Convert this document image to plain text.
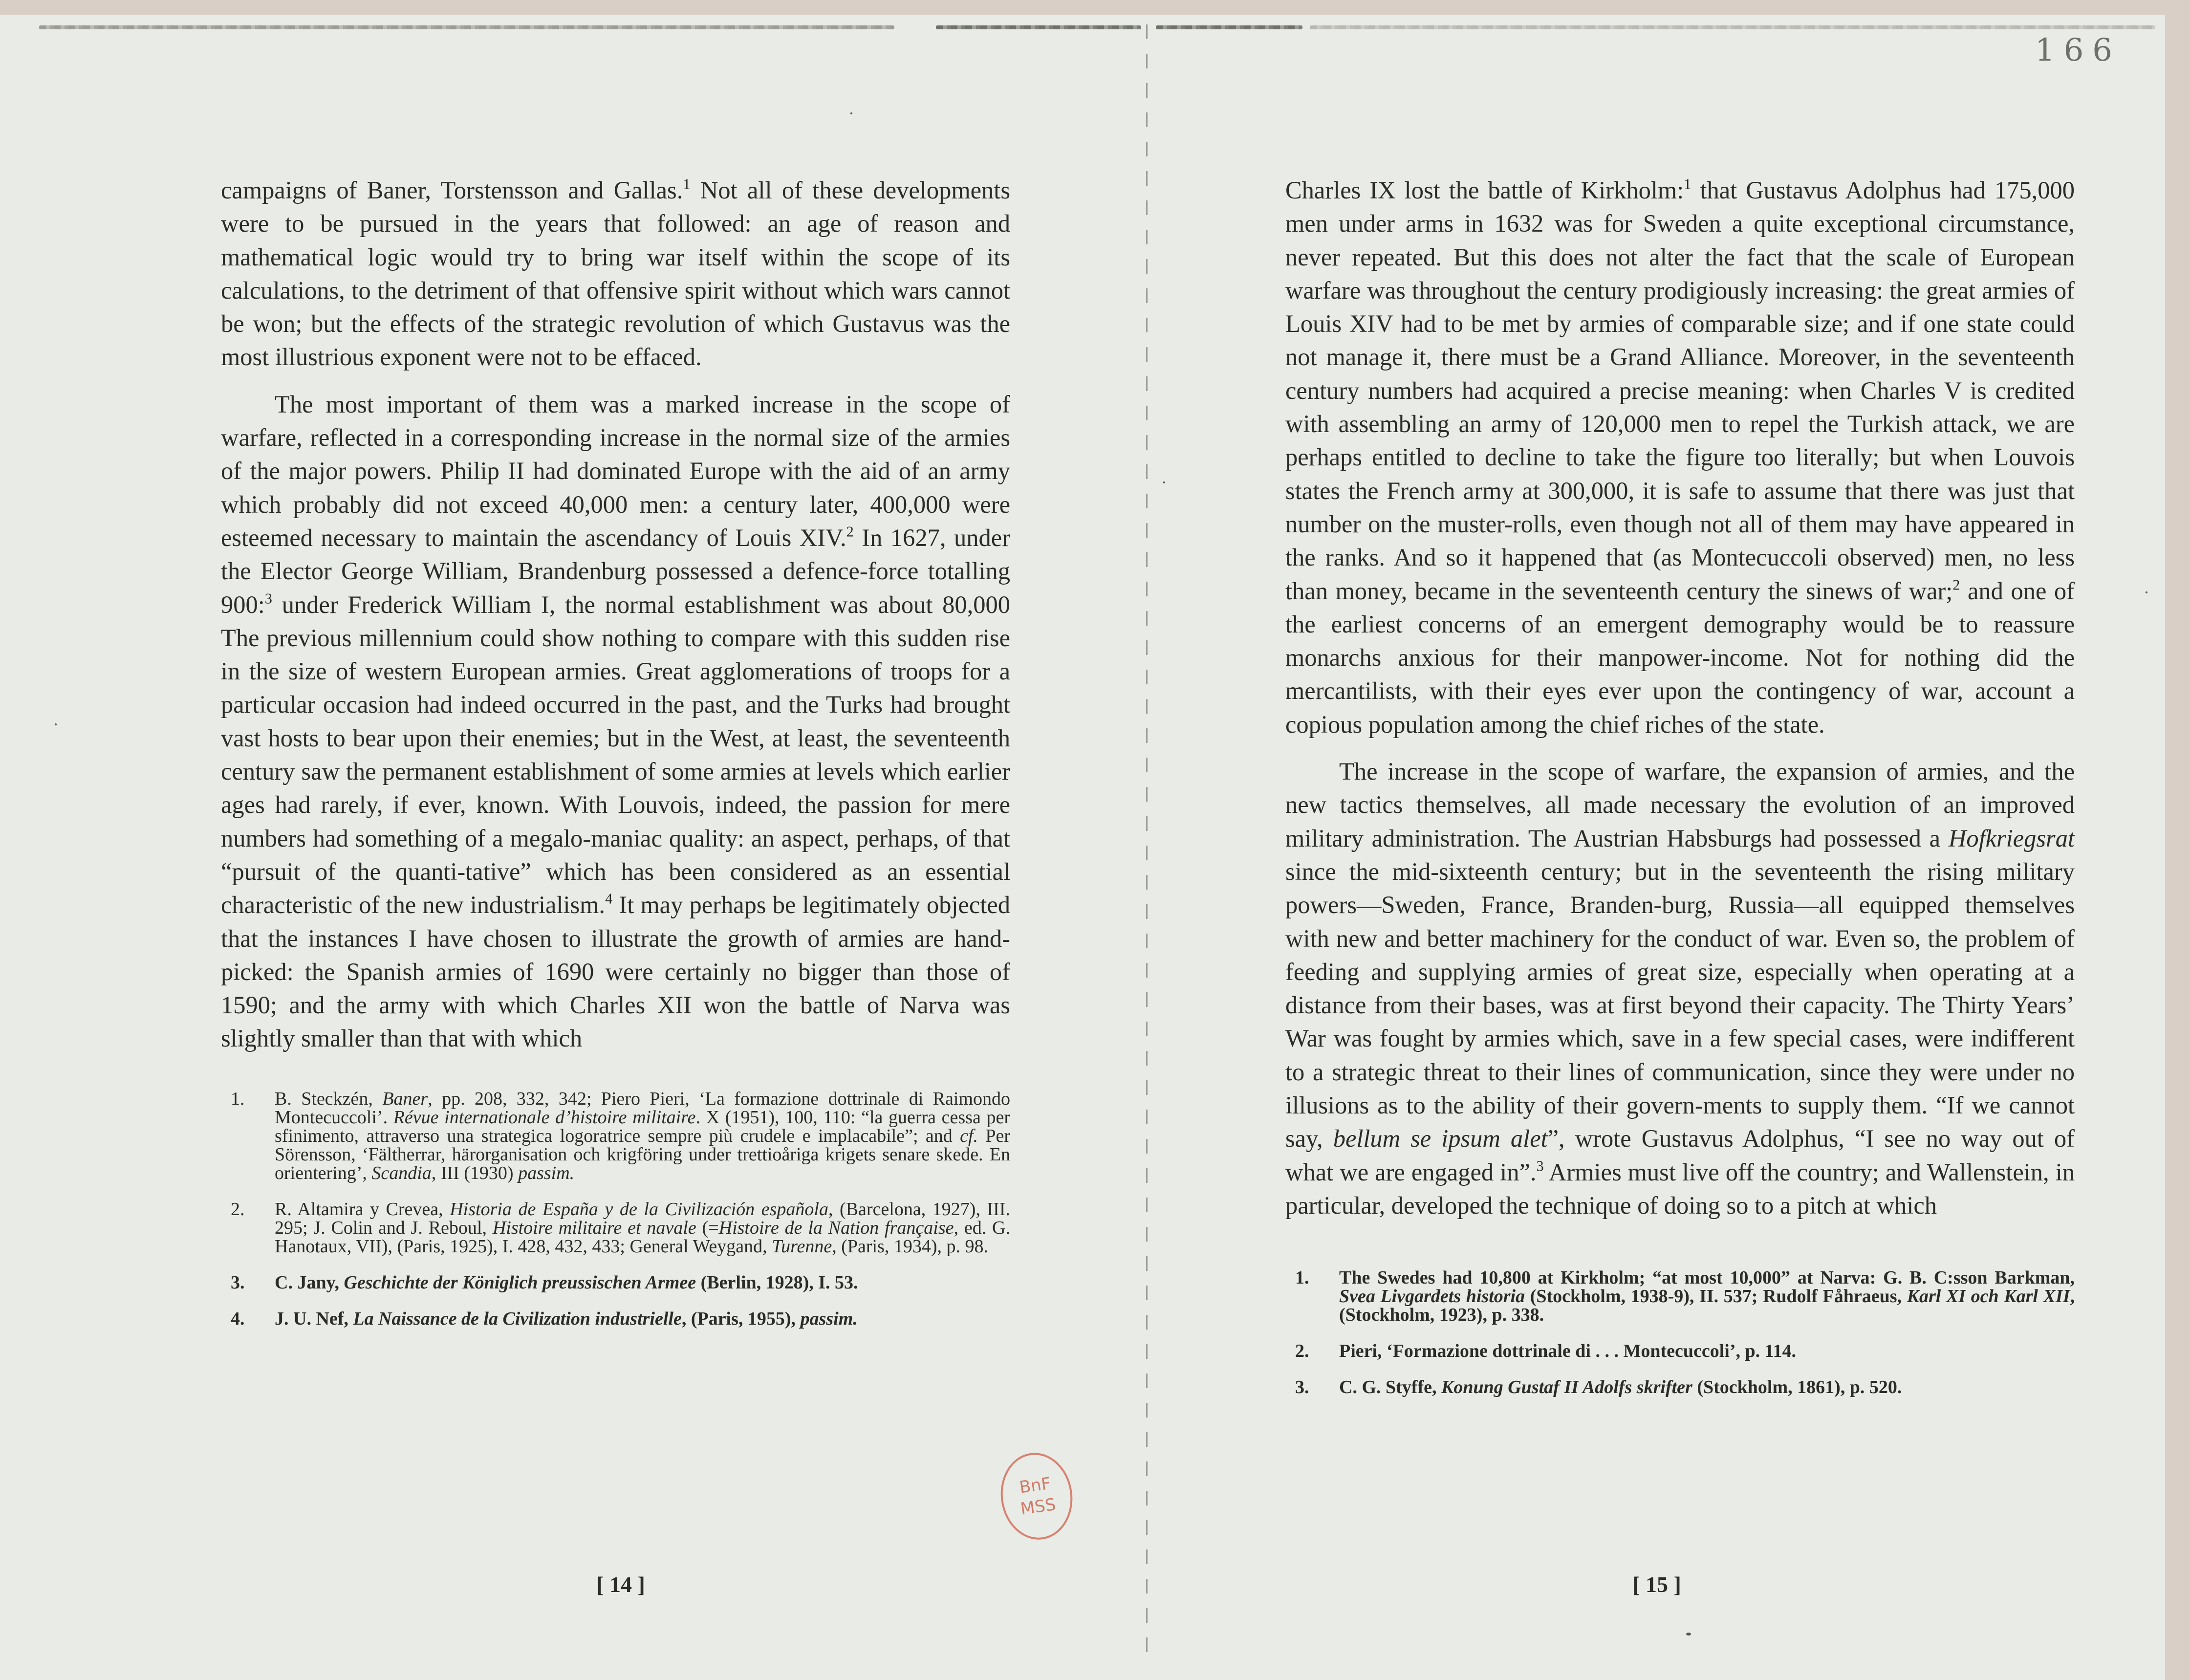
166

campaigns of Baner, Torstensson and Gallas.$^1$ Not all of these developments were to be pursued in the years that followed: an age of reason and mathematical logic would try to bring war itself within the scope of its calculations, to the detriment of that offensive spirit without which wars cannot be won; but the effects of the strategic revolution of which Gustavus was the most illustrious exponent were not to be effaced.

The most important of them was a marked increase in the scope of warfare, reflected in a corresponding increase in the normal size of the armies of the major powers. Philip II had dominated Europe with the aid of an army which probably did not exceed 40,000 men: a century later, 400,000 were esteemed necessary to maintain the ascendancy of Louis XIV.$^2$ In 1627, under the Elector George William, Brandenburg possessed a defence-force totalling 900:$^3$ under Frederick William I, the normal establishment was about 80,000 The previous millennium could show nothing to compare with this sudden rise in the size of western European armies. Great agglomerations of troops for a particular occasion had indeed occurred in the past, and the Turks had brought vast hosts to bear upon their enemies; but in the West, at least, the seventeenth century saw the permanent establishment of some armies at levels which earlier ages had rarely, if ever, known. With Louvois, indeed, the passion for mere numbers had something of a megalo-maniac quality: an aspect, perhaps, of that “pursuit of the quanti-tative” which has been considered as an essential characteristic of the new industrialism.$^4$ It may perhaps be legitimately objected that the instances I have chosen to illustrate the growth of armies are hand-picked: the Spanish armies of 1690 were certainly no bigger than those of 1590; and the army with which Charles XII won the battle of Narva was slightly smaller than that with which

1. B. Steckzén, Baner, pp. 208, 332, 342; Piero Pieri, ‘La formazione dottrinale di Raimondo Montecuccoli’. Révue internationale d’histoire militaire. X (1951), 100, 110: “la guerra cessa per sfinimento, attraverso una strategica logoratrice sempre più crudele e implacabile”; and cf. Per Sörensson, ‘Fältherrar, härorganisation och krigföring under trettioåriga krigets senare skede. En orientering’, Scandia, III (1930) passim.
2. R. Altamira y Crevea, Historia de España y de la Civilización española, (Barcelona, 1927), III. 295; J. Colin and J. Reboul, Histoire militaire et navale (=Histoire de la Nation française, ed. G. Hanotaux, VII), (Paris, 1925), I. 428, 432, 433; General Weygand, Turenne, (Paris, 1934), p. 98.
3. C. Jany, Geschichte der Königlich preussischen Armee (Berlin, 1928), I. 53.
4. J. U. Nef, La Naissance de la Civilization industrielle, (Paris, 1955), passim.
[ 14 ]

Charles IX lost the battle of Kirkholm:$^1$ that Gustavus Adolphus had 175,000 men under arms in 1632 was for Sweden a quite exceptional circumstance, never repeated. But this does not alter the fact that the scale of European warfare was throughout the century prodigiously increasing: the great armies of Louis XIV had to be met by armies of comparable size; and if one state could not manage it, there must be a Grand Alliance. Moreover, in the seventeenth century numbers had acquired a precise meaning: when Charles V is credited with assembling an army of 120,000 men to repel the Turkish attack, we are perhaps entitled to decline to take the figure too literally; but when Louvois states the French army at 300,000, it is safe to assume that there was just that number on the muster-rolls, even though not all of them may have appeared in the ranks. And so it happened that (as Montecuccoli observed) men, no less than money, became in the seventeenth century the sinews of war;$^2$ and one of the earliest concerns of an emergent demography would be to reassure monarchs anxious for their manpower-income. Not for nothing did the mercantilists, with their eyes ever upon the contingency of war, account a copious population among the chief riches of the state.

The increase in the scope of warfare, the expansion of armies, and the new tactics themselves, all made necessary the evolution of an improved military administration. The Austrian Habsburgs had possessed a Hofkriegsrat since the mid-sixteenth century; but in the seventeenth the rising military powers—Sweden, France, Branden-burg, Russia—all equipped themselves with new and better machinery for the conduct of war. Even so, the problem of feeding and supplying armies of great size, especially when operating at a distance from their bases, was at first beyond their capacity. The Thirty Years’ War was fought by armies which, save in a few special cases, were indifferent to a strategic threat to their lines of communication, since they were under no illusions as to the ability of their govern-ments to supply them. “If we cannot say, bellum se ipsum alet”, wrote Gustavus Adolphus, “I see no way out of what we are engaged in”.$^3$ Armies must live off the country; and Wallenstein, in particular, developed the technique of doing so to a pitch at which

1. The Swedes had 10,800 at Kirkholm; “at most 10,000” at Narva: G. B. C:sson Barkman, Svea Livgardets historia (Stockholm, 1938-9), II. 537; Rudolf Fåhraeus, Karl XI och Karl XII, (Stockholm, 1923), p. 338.
2. Pieri, ‘Formazione dottrinale di . . . Montecuccoli’, p. 114.
3. C. G. Styffe, Konung Gustaf II Adolfs skrifter (Stockholm, 1861), p. 520.
[ 15 ]
BnF
MSS
